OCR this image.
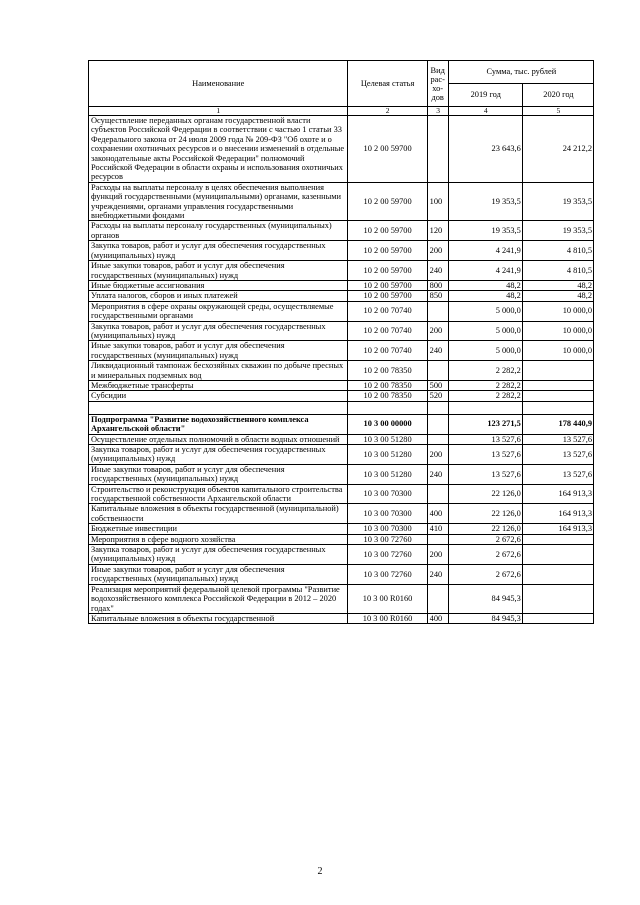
Наименование	Целевая статья	Вид
рас-
хо-
дов	Сумма, тыс. рублей	
			2019 год	2020 год
1	2	3	4	5
Осуществление переданных органам государственной власти субъектов Российской Федерации в соответствии с частью 1 статьи 33 Федерального закона от 24 июля 2009 года № 209-ФЗ "Об охоте и о сохранении охотничьих ресурсов и о внесении изменений в отдельные законодательные акты Российской Федерации" полномочий Российской Федерации в области охраны и использования охотничьих ресурсов	10 2 00 59700		23 643,6	24 212,2
Расходы на выплаты персоналу в целях обеспечения выполнения функций государственными (муниципальными) органами, казенными учреждениями, органами управления государственными внебюджетными фондами	10 2 00 59700	100	19 353,5	19 353,5
Расходы на выплаты персоналу государственных (муниципальных) органов	10 2 00 59700	120	19 353,5	19 353,5
Закупка товаров, работ и услуг для обеспечения государственных (муниципальных) нужд	10 2 00 59700	200	4 241,9	4 810,5
Иные закупки товаров, работ и услуг для обеспечения государственных (муниципальных) нужд	10 2 00 59700	240	4 241,9	4 810,5
Иные бюджетные ассигнования	10 2 00 59700	800	48,2	48,2
Уплата налогов, сборов и иных платежей	10 2 00 59700	850	48,2	48,2
Мероприятия в сфере охраны окружающей среды, осуществляемые государственными органами	10 2 00 70740		5 000,0	10 000,0
Закупка товаров, работ и услуг для обеспечения государственных (муниципальных) нужд	10 2 00 70740	200	5 000,0	10 000,0
Иные закупки товаров, работ и услуг для обеспечения государственных (муниципальных) нужд	10 2 00 70740	240	5 000,0	10 000,0
Ликвидационный тампонаж бесхозяйных скважин по добыче пресных и минеральных подземных вод	10 2 00 78350		2 282,2	
Межбюджетные трансферты	10 2 00 78350	500	2 282,2	
Субсидии	10 2 00 78350	520	2 282,2	

Подпрограмма "Развитие водохозяйственного комплекса Архангельской области"	10 3 00 00000		123 271,5	178 440,9
Осуществление отдельных полномочий в области водных отношений	10 3 00 51280		13 527,6	13 527,6
Закупка товаров, работ и услуг для обеспечения государственных (муниципальных) нужд	10 3 00 51280	200	13 527,6	13 527,6
Иные закупки товаров, работ и услуг для обеспечения государственных (муниципальных) нужд	10 3 00 51280	240	13 527,6	13 527,6
Строительство и реконструкция объектов капитального строительства государственной собственности Архангельской области	10 3 00 70300		22 126,0	164 913,3
Капитальные вложения в объекты государственной (муниципальной) собственности	10 3 00 70300	400	22 126,0	164 913,3
Бюджетные инвестиции	10 3 00 70300	410	22 126,0	164 913,3
Мероприятия в сфере водного хозяйства	10 3 00 72760		2 672,6	
Закупка товаров, работ и услуг для обеспечения государственных (муниципальных) нужд	10 3 00 72760	200	2 672,6	
Иные закупки товаров, работ и услуг для обеспечения государственных (муниципальных) нужд	10 3 00 72760	240	2 672,6	
Реализация мероприятий федеральной целевой программы "Развитие водохозяйственного комплекса Российской Федерации в 2012 – 2020 годах"	10 3 00 R0160		84 945,3	
Капитальные вложения в объекты государственной	10 3 00 R0160	400	84 945,3	
2
